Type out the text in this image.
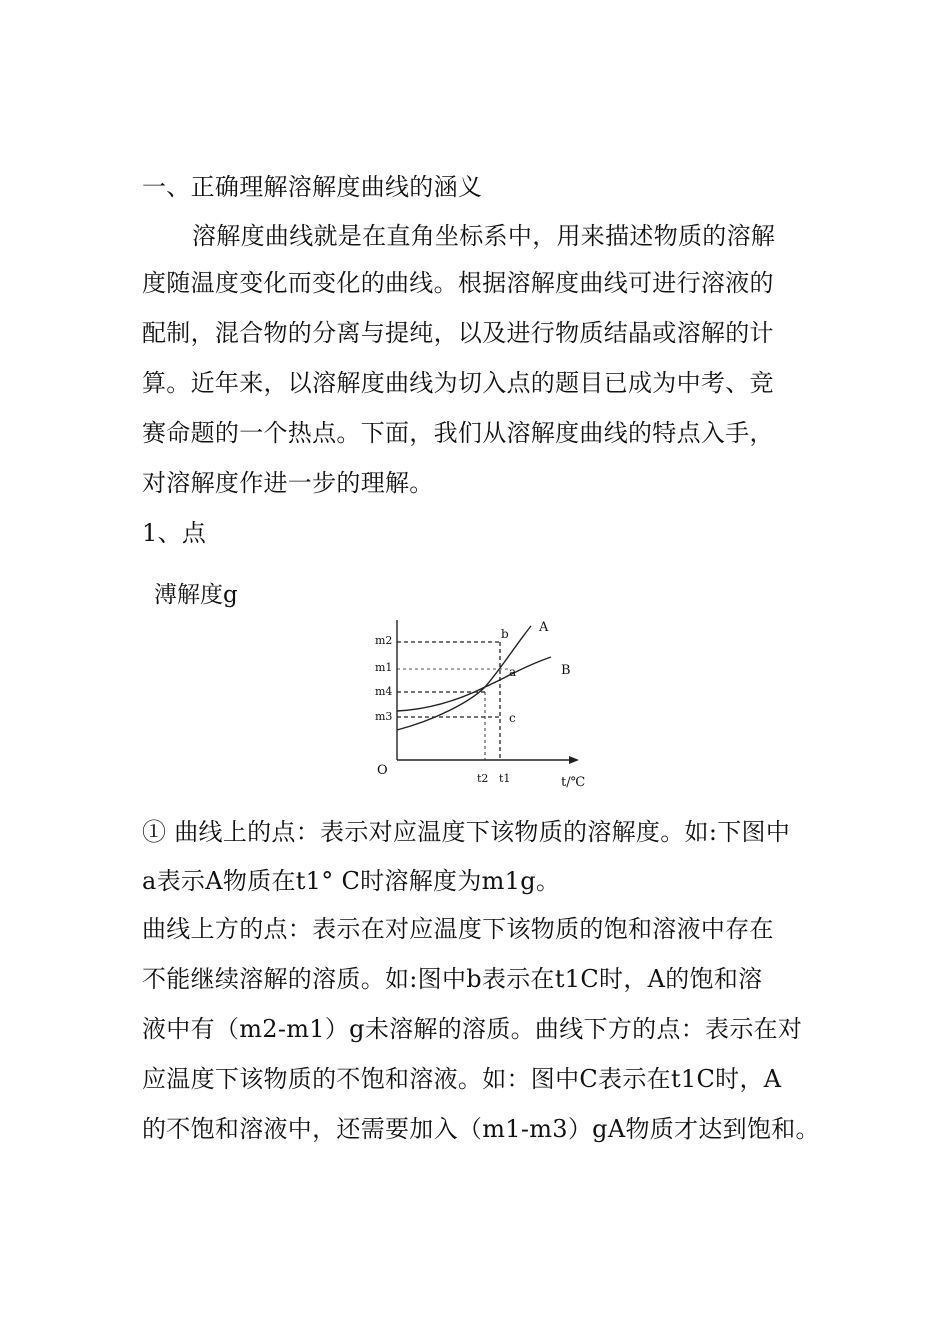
一、正确理解溶解度曲线的涵义
溶解度曲线就是在直角坐标系中，用来描述物质的溶解
度随温度变化而变化的曲线。根据溶解度曲线可进行溶液的
配制，混合物的分离与提纯，以及进行物质结晶或溶解的计
算。近年来，以溶解度曲线为切入点的题目已成为中考、竞
赛命题的一个热点。下面，我们从溶解度曲线的特点入手，
对溶解度作进一步的理解。
1、点
溥解度g
m2
m1
m4
m3
O
t2 t1	t/℃
A
B
b
a
c
① 曲线上的点：表示对应温度下该物质的溶解度。如:下图中
a表示A物质在t1° C时溶解度为m1g。
曲线上方的点：表示在对应温度下该物质的饱和溶液中存在
不能继续溶解的溶质。如:图中b表示在t1C时，A的饱和溶
液中有（m2-m1）g未溶解的溶质。曲线下方的点：表示在对
应温度下该物质的不饱和溶液。如：图中C表示在t1C时，A
的不饱和溶液中，还需要加入（m1-m3）gA物质才达到饱和。
